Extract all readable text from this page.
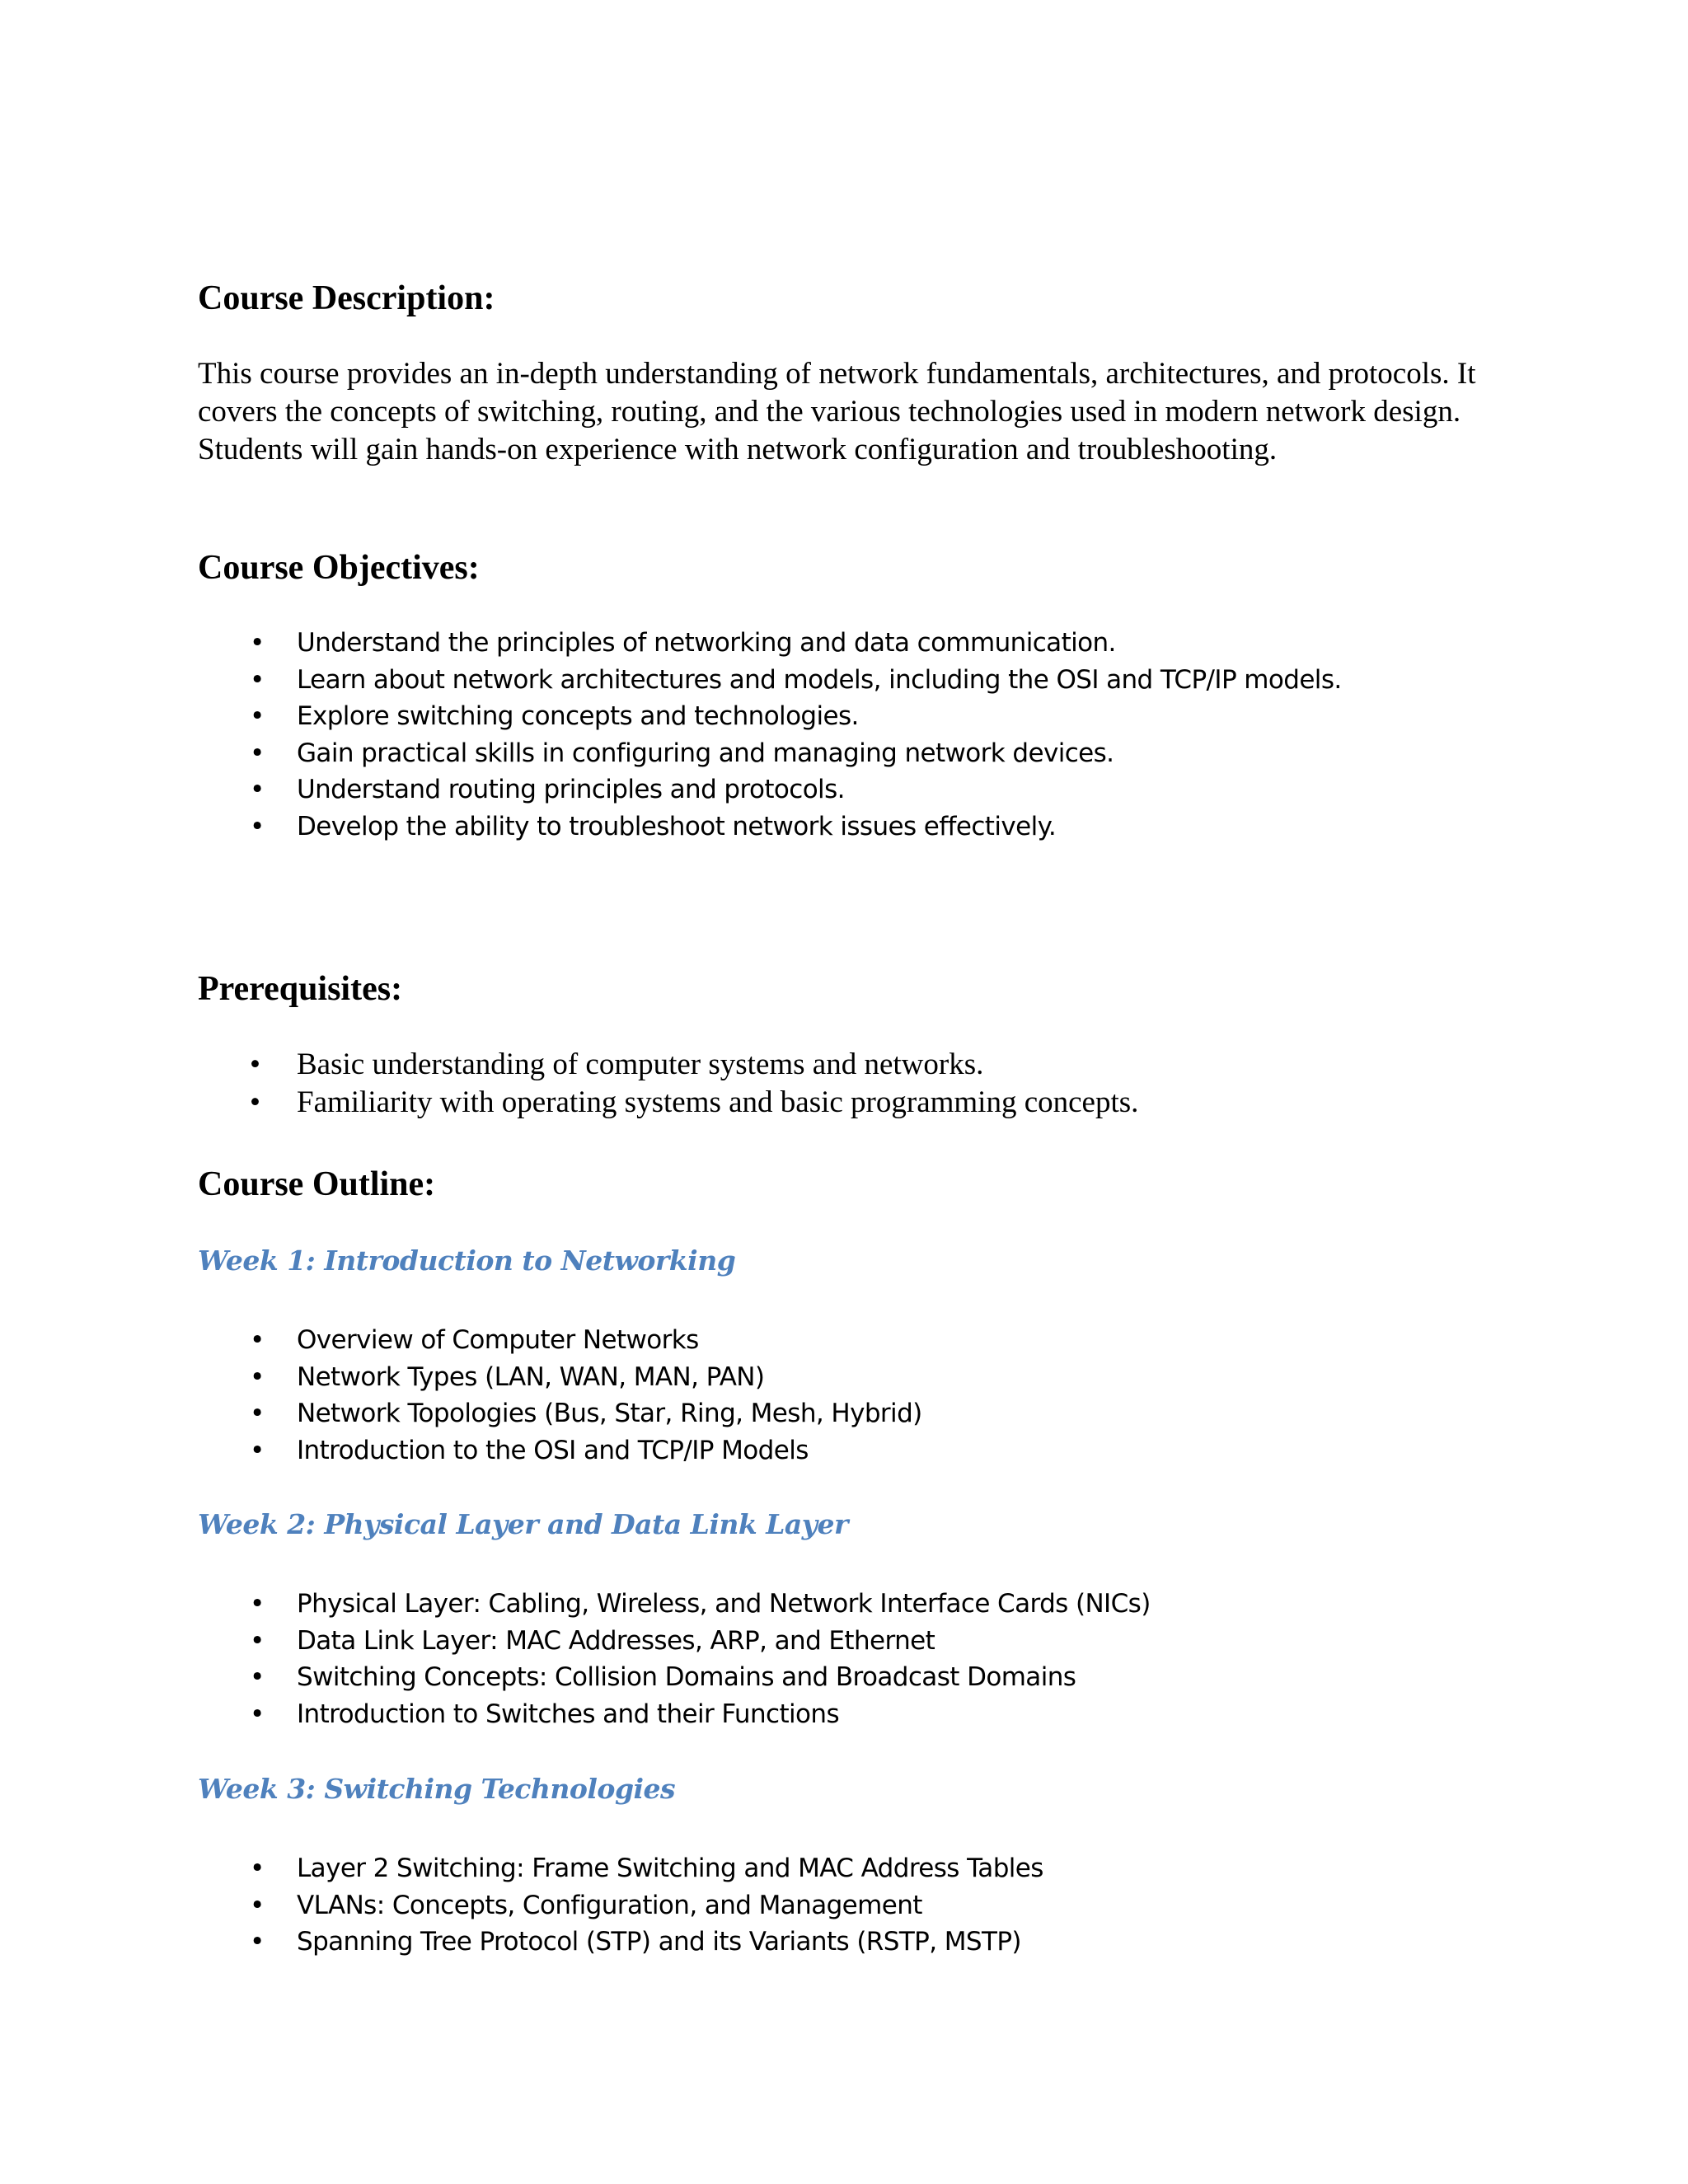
Course Description:

This course provides an in-depth understanding of network fundamentals, architectures, and protocols. It covers the concepts of switching, routing, and the various technologies used in modern network design. Students will gain hands-on experience with network configuration and troubleshooting.

Course Objectives:
• Understand the principles of networking and data communication.
• Learn about network architectures and models, including the OSI and TCP/IP models.
• Explore switching concepts and technologies.
• Gain practical skills in configuring and managing network devices.
• Understand routing principles and protocols.
• Develop the ability to troubleshoot network issues effectively.
Prerequisites:
• Basic understanding of computer systems and networks.
• Familiarity with operating systems and basic programming concepts.
Course Outline:
Week 1: Introduction to Networking
• Overview of Computer Networks
• Network Types (LAN, WAN, MAN, PAN)
• Network Topologies (Bus, Star, Ring, Mesh, Hybrid)
• Introduction to the OSI and TCP/IP Models
Week 2: Physical Layer and Data Link Layer
• Physical Layer: Cabling, Wireless, and Network Interface Cards (NICs)
• Data Link Layer: MAC Addresses, ARP, and Ethernet
• Switching Concepts: Collision Domains and Broadcast Domains
• Introduction to Switches and their Functions
Week 3: Switching Technologies
• Layer 2 Switching: Frame Switching and MAC Address Tables
• VLANs: Concepts, Configuration, and Management
• Spanning Tree Protocol (STP) and its Variants (RSTP, MSTP)
